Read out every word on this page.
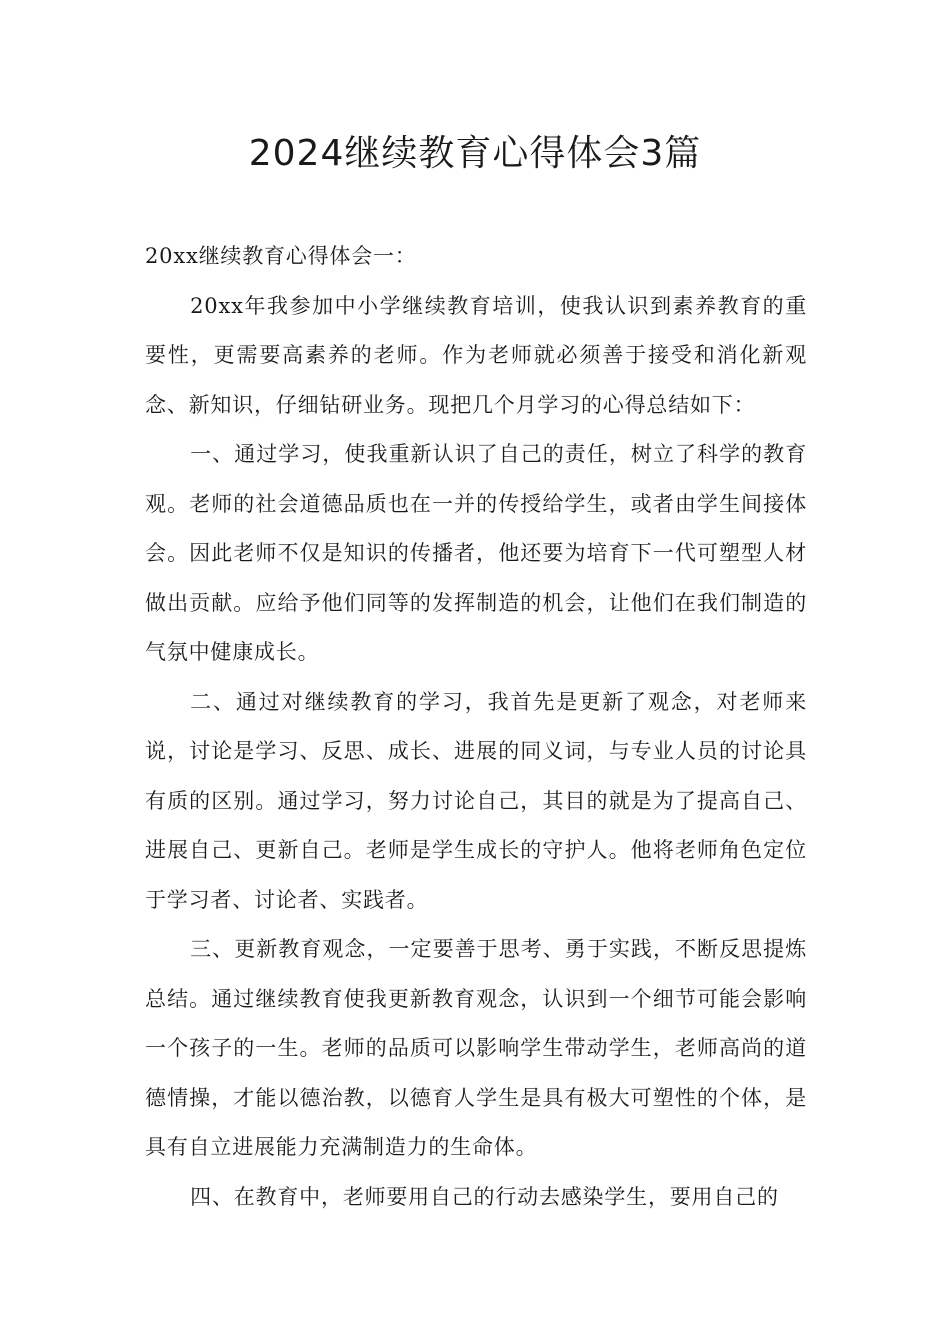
2024继续教育心得体会3篇

20xx继续教育心得体会一：

20xx年我参加中小学继续教育培训，使我认识到素养教育的重要性，更需要高素养的老师。作为老师就必须善于接受和消化新观念、新知识，仔细钻研业务。现把几个月学习的心得总结如下：

一、通过学习，使我重新认识了自己的责任，树立了科学的教育观。老师的社会道德品质也在一并的传授给学生，或者由学生间接体会。因此老师不仅是知识的传播者，他还要为培育下一代可塑型人材做出贡献。应给予他们同等的发挥制造的机会，让他们在我们制造的气氛中健康成长。

二、通过对继续教育的学习，我首先是更新了观念，对老师来说，讨论是学习、反思、成长、进展的同义词，与专业人员的讨论具有质的区别。通过学习，努力讨论自己，其目的就是为了提高自己、进展自己、更新自己。老师是学生成长的守护人。他将老师角色定位于学习者、讨论者、实践者。

三、更新教育观念，一定要善于思考、勇于实践，不断反思提炼总结。通过继续教育使我更新教育观念，认识到一个细节可能会影响一个孩子的一生。老师的品质可以影响学生带动学生，老师高尚的道德情操，才能以德治教，以德育人学生是具有极大可塑性的个体，是具有自立进展能力充满制造力的生命体。

四、在教育中，老师要用自己的行动去感染学生，要用自己的
